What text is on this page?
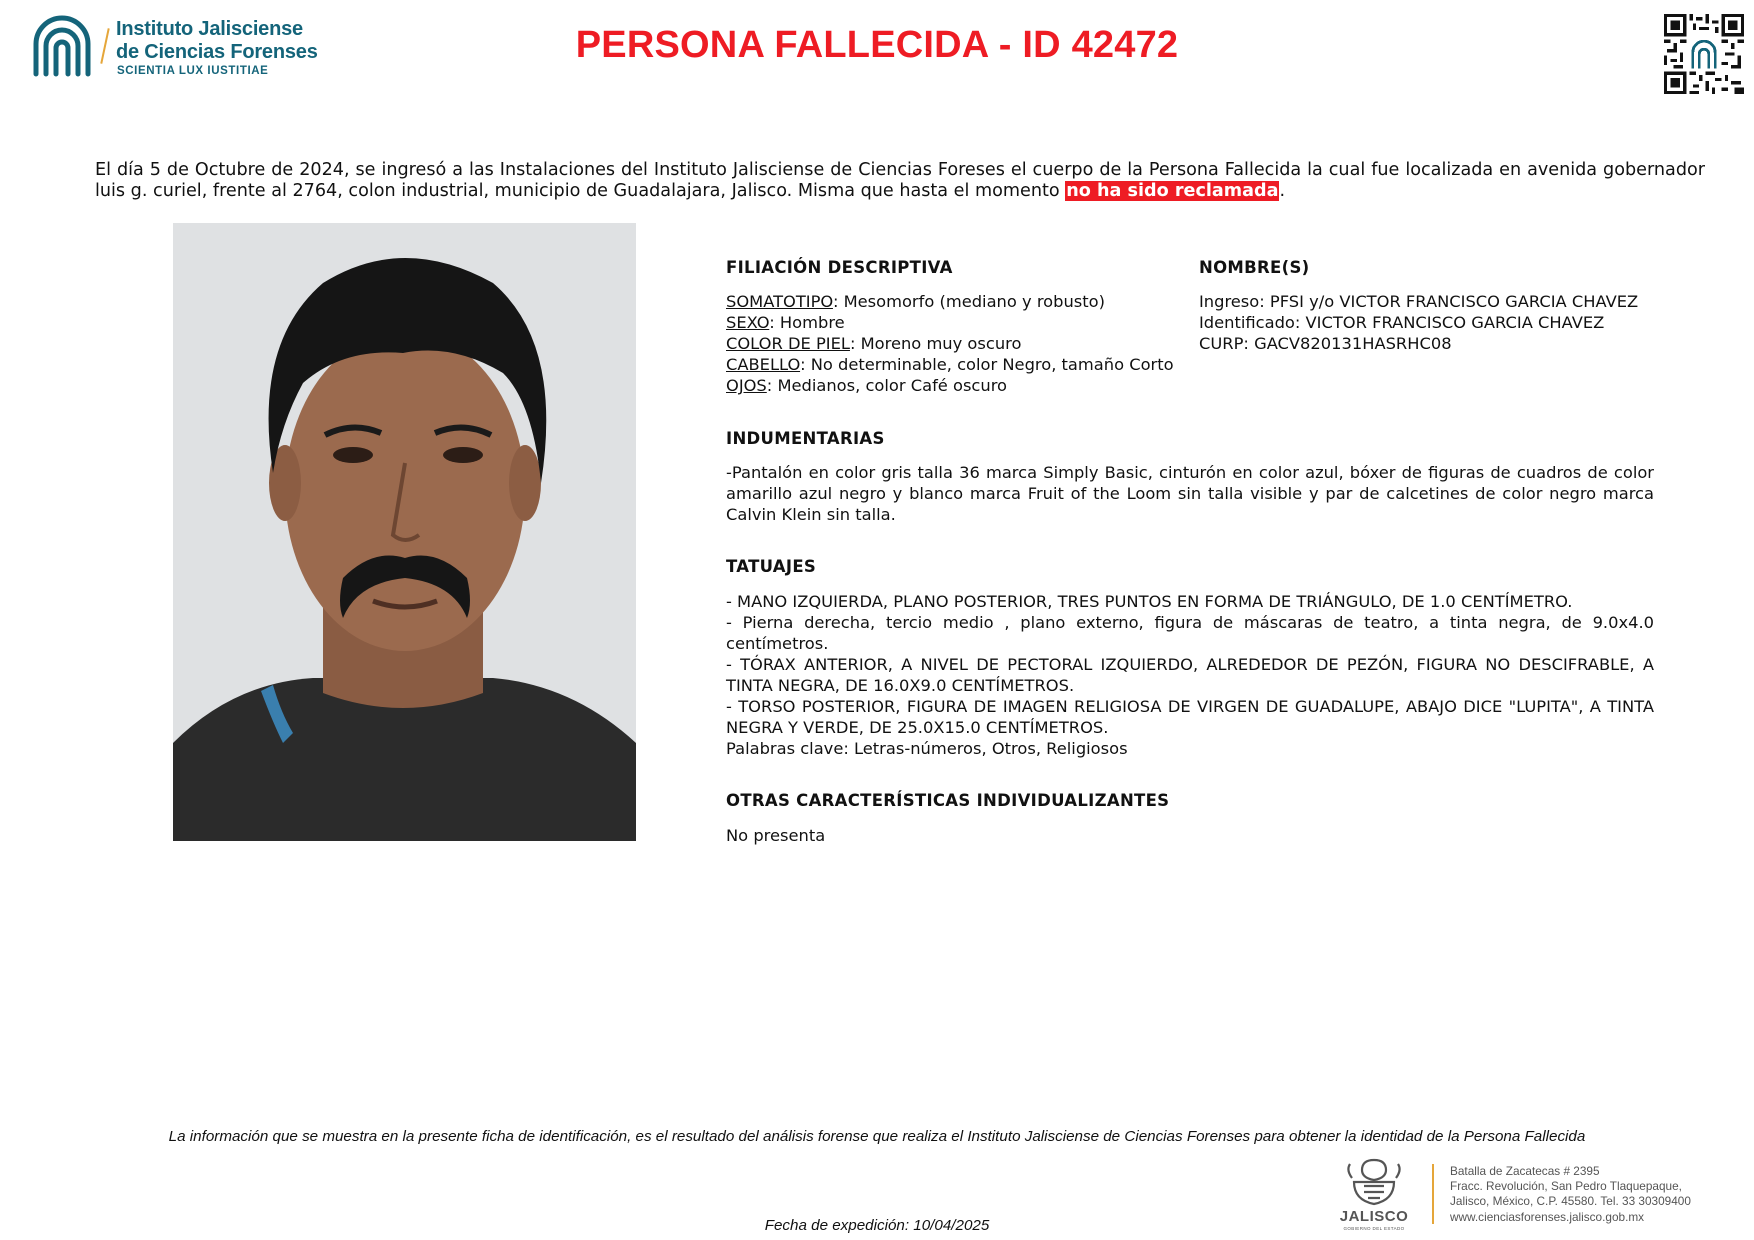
Instituto Jalisciense
de Ciencias Forenses
SCIENTIA LUX IUSTITIAE
PERSONA FALLECIDA - ID 42472
El día 5 de Octubre de 2024, se ingresó a las Instalaciones del Instituto Jalisciense de Ciencias Foreses el cuerpo de la Persona Fallecida la cual fue localizada en avenida gobernador luis g. curiel, frente al 2764, colon industrial, municipio de Guadalajara, Jalisco. Misma que hasta el momento no ha sido reclamada.
FILIACIÓN DESCRIPTIVA
SOMATOTIPO: Mesomorfo (mediano y robusto)
SEXO: Hombre
COLOR DE PIEL: Moreno muy oscuro
CABELLO: No determinable, color Negro, tamaño Corto
OJOS: Medianos, color Café oscuro
NOMBRE(S)
Ingreso: PFSI y/o VICTOR FRANCISCO GARCIA CHAVEZ
Identificado: VICTOR FRANCISCO GARCIA CHAVEZ
CURP: GACV820131HASRHC08
INDUMENTARIAS
-Pantalón en color gris talla 36 marca Simply Basic, cinturón en color azul, bóxer de figuras de cuadros de color amarillo azul negro y blanco marca Fruit of the Loom sin talla visible y par de calcetines de color negro marca Calvin Klein sin talla.
TATUAJES
- MANO IZQUIERDA, PLANO POSTERIOR, TRES PUNTOS EN FORMA DE TRIÁNGULO, DE 1.0 CENTÍMETRO.
- Pierna derecha, tercio medio , plano externo, figura de máscaras de teatro, a tinta negra, de 9.0x4.0 centímetros.
- TÓRAX ANTERIOR, A NIVEL DE PECTORAL IZQUIERDO, ALREDEDOR DE PEZÓN, FIGURA NO DESCIFRABLE, A TINTA NEGRA, DE 16.0X9.0 CENTÍMETROS.
- TORSO POSTERIOR, FIGURA DE IMAGEN RELIGIOSA DE VIRGEN DE GUADALUPE, ABAJO DICE "LUPITA", A TINTA NEGRA Y VERDE, DE 25.0X15.0 CENTÍMETROS.
Palabras clave: Letras-números, Otros, Religiosos
OTRAS CARACTERÍSTICAS INDIVIDUALIZANTES
No presenta
La información que se muestra en la presente ficha de identificación, es el resultado del análisis forense que realiza el Instituto Jalisciense de Ciencias Forenses para obtener la identidad de la Persona Fallecida
Fecha de expedición: 10/04/2025
JALISCO
GOBIERNO DEL ESTADO
Batalla de Zacatecas # 2395
Fracc. Revolución, San Pedro Tlaquepaque,
Jalisco, México, C.P. 45580. Tel. 33 30309400
www.cienciasforenses.jalisco.gob.mx
